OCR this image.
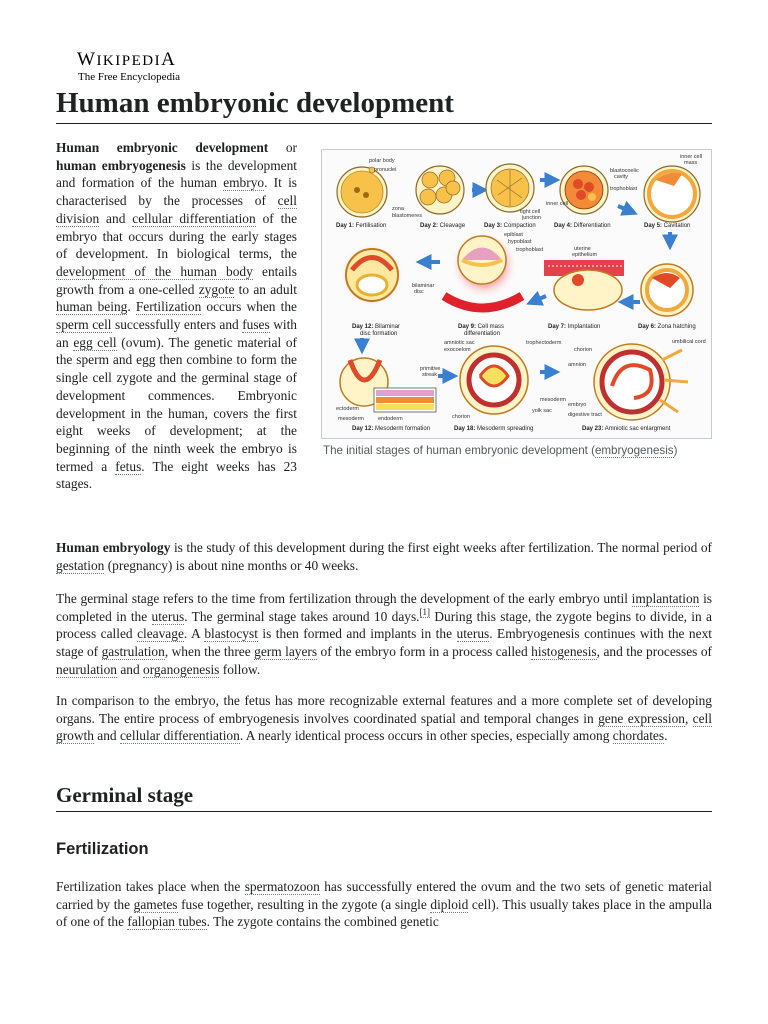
WIKIPEDIA
The Free Encyclopedia
Human embryonic development

Human embryonic development or human embryogenesis is the development and formation of the human embryo. It is characterised by the processes of cell division and cellular differentiation of the embryo that occurs during the early stages of development. In biological terms, the development of the human body entails growth from a one-celled zygote to an adult human being. Fertilization occurs when the sperm cell successfully enters and fuses with an egg cell (ovum). The genetic material of the sperm and egg then combine to form the single cell zygote and the germinal stage of development commences. Embryonic development in the human, covers the first eight weeks of development; at the beginning of the ninth week the embryo is termed a fetus. The eight weeks has 23 stages.

polar body
pronuclei
zona
blastomeres
tight cell
junction
blastocoelic
cavity
trophoblast
inner cell
inner cell
mass
Day 1: Fertilisation	Day 2: Cleavage	Day 3: Compaction	Day 4: Differentiation	Day 5: Cavitation
bilaminar
disc
epiblast
hypoblast
trophoblast	uterine
epithelium
Day 12: Bilaminar
disc formation
Day 9: Cell mass
differentiation
Day 7: Implantation	Day 6: Zona hatching
primitive
streak
ectoderm
mesoderm	endoderm
amniotic sac
exocoelom
trophectoderm
mesoderm
yolk sac
chorion
chorion
amnion
umbilical cord
embryo
digestive tract
Day 12: Mesoderm formation	Day 18: Mesoderm spreading	Day 23: Amniotic sac enlargment
The initial stages of human embryonic development (embryogenesis)

Human embryology is the study of this development during the first eight weeks after fertilization. The normal period of gestation (pregnancy) is about nine months or 40 weeks.

The germinal stage refers to the time from fertilization through the development of the early embryo until implantation is completed in the uterus. The germinal stage takes around 10 days.[1] During this stage, the zygote begins to divide, in a process called cleavage. A blastocyst is then formed and implants in the uterus. Embryogenesis continues with the next stage of gastrulation, when the three germ layers of the embryo form in a process called histogenesis, and the processes of neurulation and organogenesis follow.

In comparison to the embryo, the fetus has more recognizable external features and a more complete set of developing organs. The entire process of embryogenesis involves coordinated spatial and temporal changes in gene expression, cell growth and cellular differentiation. A nearly identical process occurs in other species, especially among chordates.

Germinal stage
Fertilization

Fertilization takes place when the spermatozoon has successfully entered the ovum and the two sets of genetic material carried by the gametes fuse together, resulting in the zygote (a single diploid cell). This usually takes place in the ampulla of one of the fallopian tubes. The zygote contains the combined genetic
